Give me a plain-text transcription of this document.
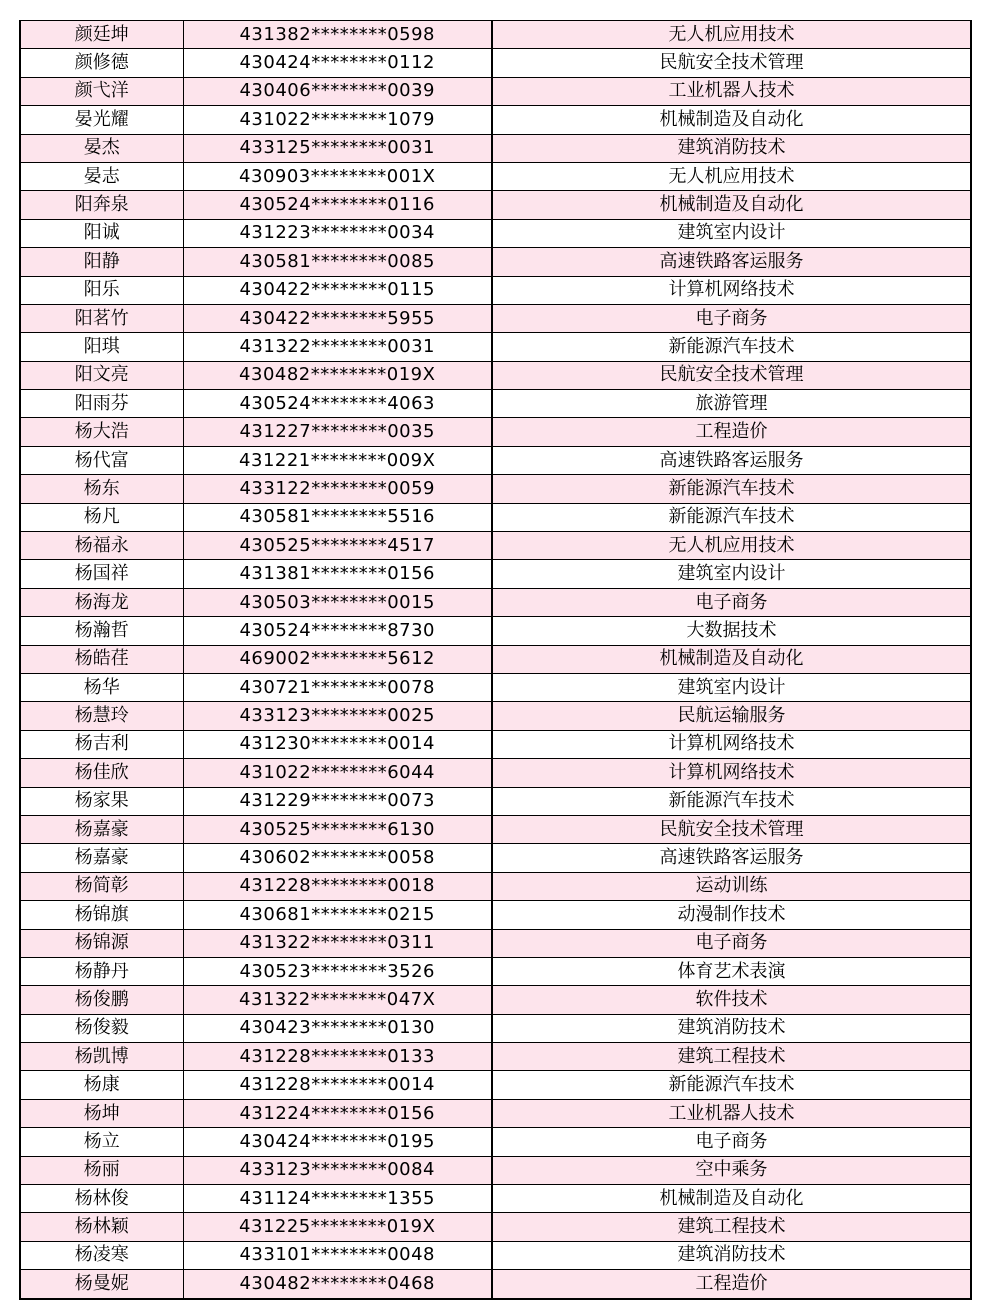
颜廷坤	431382********0598	无人机应用技术
颜修德	430424********0112	民航安全技术管理
颜弋洋	430406********0039	工业机器人技术
晏光耀	431022********1079	机械制造及自动化
晏杰	433125********0031	建筑消防技术
晏志	430903********001X	无人机应用技术
阳奔泉	430524********0116	机械制造及自动化
阳诚	431223********0034	建筑室内设计
阳静	430581********0085	高速铁路客运服务
阳乐	430422********0115	计算机网络技术
阳茗竹	430422********5955	电子商务
阳琪	431322********0031	新能源汽车技术
阳文亮	430482********019X	民航安全技术管理
阳雨芬	430524********4063	旅游管理
杨大浩	431227********0035	工程造价
杨代富	431221********009X	高速铁路客运服务
杨东	433122********0059	新能源汽车技术
杨凡	430581********5516	新能源汽车技术
杨福永	430525********4517	无人机应用技术
杨国祥	431381********0156	建筑室内设计
杨海龙	430503********0015	电子商务
杨瀚哲	430524********8730	大数据技术
杨皓荏	469002********5612	机械制造及自动化
杨华	430721********0078	建筑室内设计
杨慧玲	433123********0025	民航运输服务
杨吉利	431230********0014	计算机网络技术
杨佳欣	431022********6044	计算机网络技术
杨家果	431229********0073	新能源汽车技术
杨嘉豪	430525********6130	民航安全技术管理
杨嘉豪	430602********0058	高速铁路客运服务
杨简彰	431228********0018	运动训练
杨锦旗	430681********0215	动漫制作技术
杨锦源	431322********0311	电子商务
杨静丹	430523********3526	体育艺术表演
杨俊鹏	431322********047X	软件技术
杨俊毅	430423********0130	建筑消防技术
杨凯博	431228********0133	建筑工程技术
杨康	431228********0014	新能源汽车技术
杨坤	431224********0156	工业机器人技术
杨立	430424********0195	电子商务
杨丽	433123********0084	空中乘务
杨林俊	431124********1355	机械制造及自动化
杨林颖	431225********019X	建筑工程技术
杨凌寒	433101********0048	建筑消防技术
杨曼妮	430482********0468	工程造价
